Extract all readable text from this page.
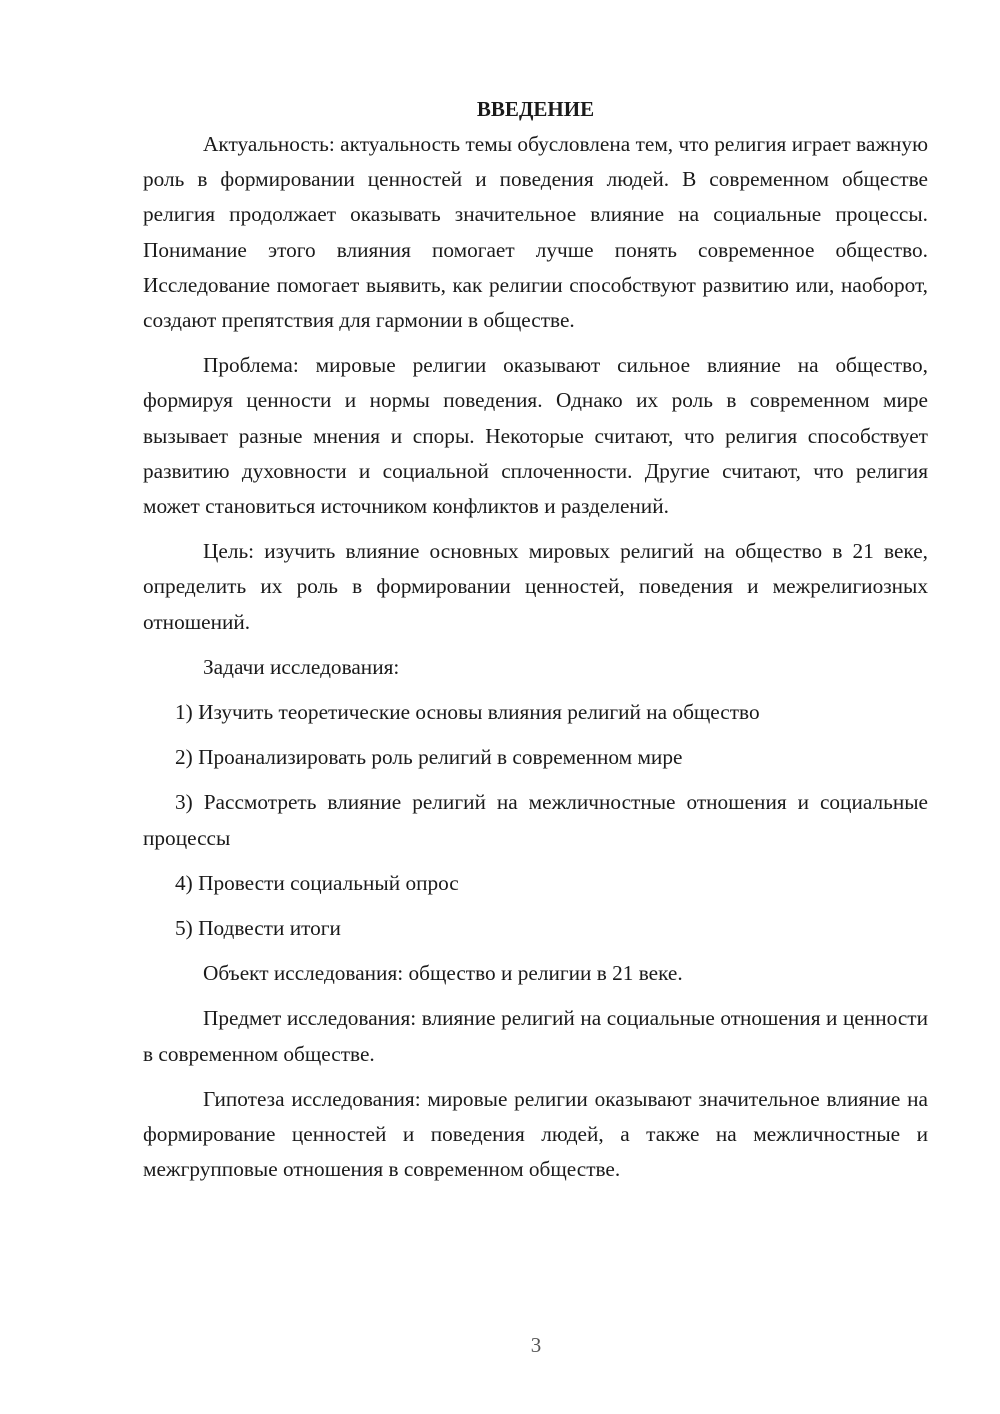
ВВЕДЕНИЕ

Актуальность: актуальность темы обусловлена тем, что религия играет важную роль в формировании ценностей и поведения людей. В современном обществе религия продолжает оказывать значительное влияние на социальные процессы. Понимание этого влияния помогает лучше понять современное общество. Исследование помогает выявить, как религии способствуют развитию или, наоборот, создают препятствия для гармонии в обществе.

Проблема: мировые религии оказывают сильное влияние на общество, формируя ценности и нормы поведения. Однако их роль в современном мире вызывает разные мнения и споры. Некоторые считают, что религия способствует развитию духовности и социальной сплоченности. Другие считают, что религия может становиться источником конфликтов и разделений.

Цель: изучить влияние основных мировых религий на общество в 21 веке, определить их роль в формировании ценностей, поведения и межрелигиозных отношений.

Задачи исследования:

1) Изучить теоретические основы влияния религий на общество

2) Проанализировать роль религий в современном мире

3) Рассмотреть влияние религий на межличностные отношения и социальные процессы

4) Провести социальный опрос

5) Подвести итоги

Объект исследования: общество и религии в 21 веке.

Предмет исследования: влияние религий на социальные отношения и ценности в современном обществе.

Гипотеза исследования: мировые религии оказывают значительное влияние на формирование ценностей и поведения людей, а также на межличностные и межгрупповые отношения в современном обществе.

3
